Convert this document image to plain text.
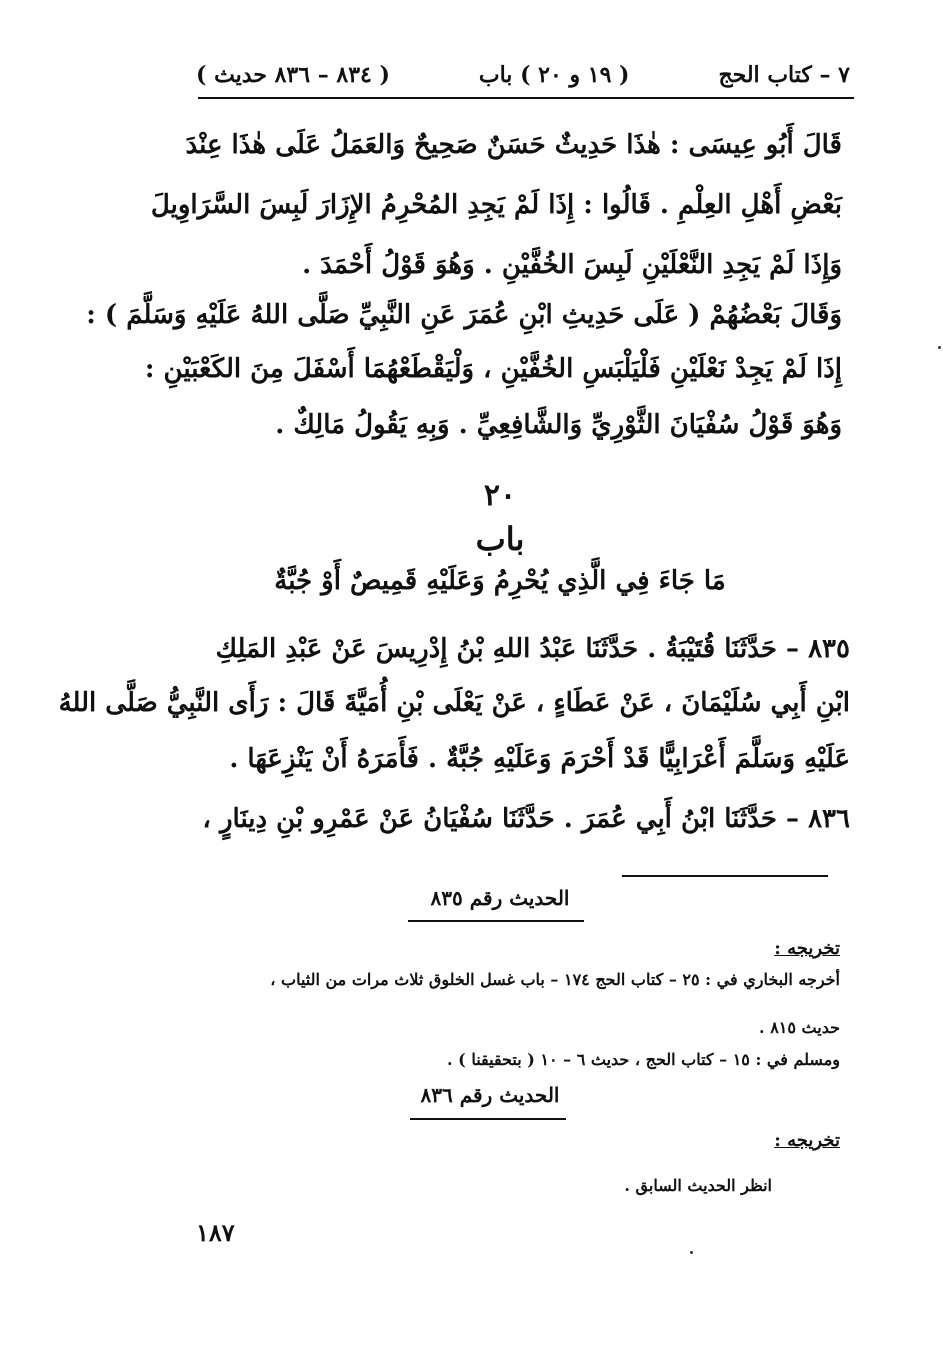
٧ – كتاب الحج
( ١٩ و ٢٠ ) باب
( ٨٣٤ – ٨٣٦ حديث )
قَالَ أَبُو عِيسَى : هٰذَا حَدِيثٌ حَسَنٌ صَحِيحٌ وَالعَمَلُ عَلَى هٰذَا عِنْدَ
بَعْضِ أَهْلِ العِلْمِ . قَالُوا : إِذَا لَمْ يَجِدِ المُحْرِمُ الإِزَارَ لَبِسَ السَّرَاوِيلَ
وَإِذَا لَمْ يَجِدِ النَّعْلَيْنِ لَبِسَ الخُفَّيْنِ . وَهُوَ قَوْلُ أَحْمَدَ .
وَقَالَ بَعْضُهُمْ ( عَلَى حَدِيثِ ابْنِ عُمَرَ عَنِ النَّبِيِّ صَلَّى اللهُ عَلَيْهِ وَسَلَّمَ ) :
إِذَا لَمْ يَجِدْ نَعْلَيْنِ فَلْيَلْبَسِ الخُفَّيْنِ ، وَلْيَقْطَعْهُمَا أَسْفَلَ مِنَ الكَعْبَيْنِ :
وَهُوَ قَوْلُ سُفْيَانَ الثَّوْرِيِّ وَالشَّافِعِيِّ . وَبِهِ يَقُولُ مَالِكٌ .
٢٠
باب
مَا جَاءَ فِي الَّذِي يُحْرِمُ وَعَلَيْهِ قَمِيصٌ أَوْ جُبَّةٌ
٨٣٥ – حَدَّثَنَا قُتَيْبَةُ . حَدَّثَنَا عَبْدُ اللهِ بْنُ إِدْرِيسَ عَنْ عَبْدِ المَلِكِ
ابْنِ أَبِي سُلَيْمَانَ ، عَنْ عَطَاءٍ ، عَنْ يَعْلَى بْنِ أُمَيَّةَ قَالَ : رَأَى النَّبِيُّ صَلَّى اللهُ
عَلَيْهِ وَسَلَّمَ أَعْرَابِيًّا قَدْ أَحْرَمَ وَعَلَيْهِ جُبَّةٌ . فَأَمَرَهُ أَنْ يَنْزِعَهَا .
٨٣٦ – حَدَّثَنَا ابْنُ أَبِي عُمَرَ . حَدَّثَنَا سُفْيَانُ عَنْ عَمْرِو بْنِ دِينَارٍ ،
الحديث رقم ٨٣٥
تخريجه :
أخرجه البخاري في : ٢٥ – كتاب الحج ١٧٤ – باب غسل الخلوق ثلاث مرات من الثياب ،
حديث ٨١٥ .
ومسلم في : ١٥ – كتاب الحج ، حديث ٦ – ١٠ ( بتحقيقنا ) .
الحديث رقم ٨٣٦
تخريجه :
انظر الحديث السابق .
١٨٧
